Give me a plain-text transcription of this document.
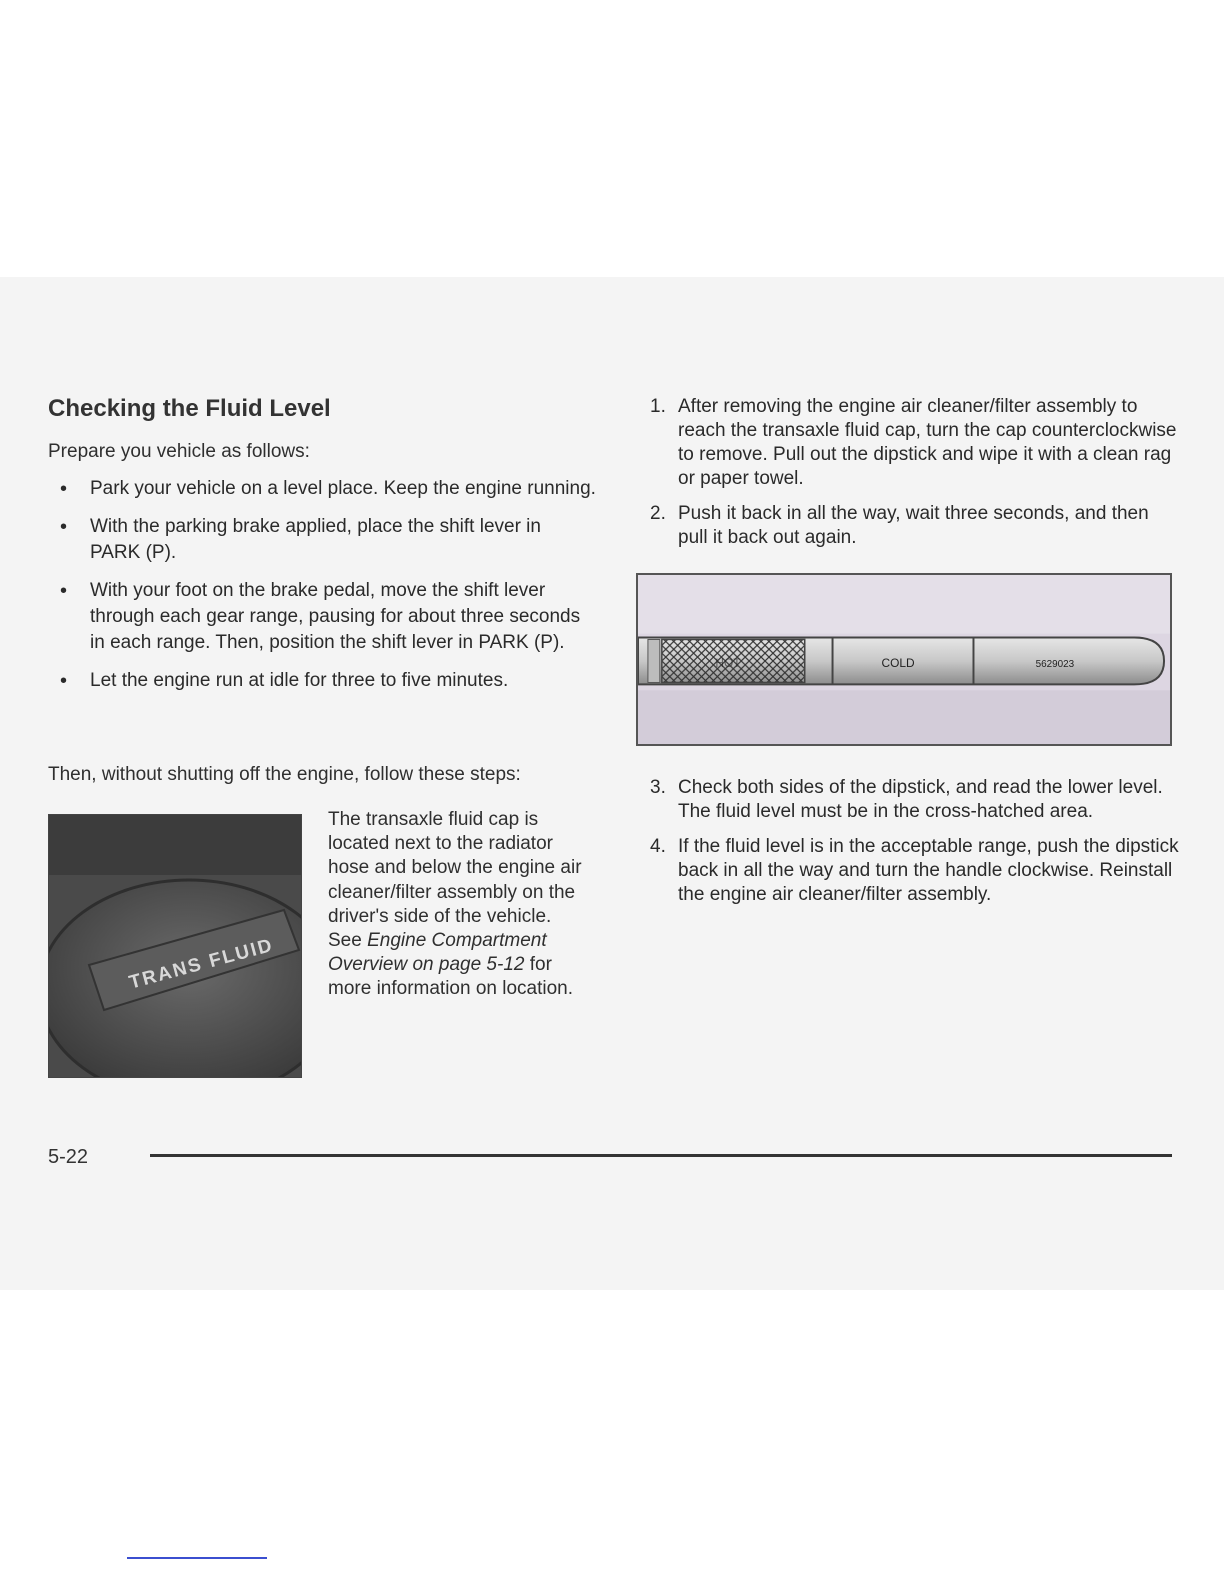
Checking the Fluid Level

Prepare you vehicle as follows:

• Park your vehicle on a level place. Keep the engine running.
• With the parking brake applied, place the shift lever in PARK (P).
• With your foot on the brake pedal, move the shift lever through each gear range, pausing for about three seconds in each range. Then, position the shift lever in PARK (P).
• Let the engine run at idle for three to five minutes.

Then, without shutting off the engine, follow these steps:

TRANS FLUID

The transaxle fluid cap is located next to the radiator hose and below the engine air cleaner/filter assembly on the driver's side of the vehicle.
See Engine Compartment Overview on page 5-12 for more information on location.

1. After removing the engine air cleaner/filter assembly to reach the transaxle fluid cap, turn the cap counterclockwise to remove. Pull out the dipstick and wipe it with a clean rag or paper towel.
2. Push it back in all the way, wait three seconds, and then pull it back out again.
HOT	COLD	5629023
3. Check both sides of the dipstick, and read the lower level. The fluid level must be in the cross-hatched area.
4. If the fluid level is in the acceptable range, push the dipstick back in all the way and turn the handle clockwise. Reinstall the engine air cleaner/filter assembly.
5-22
